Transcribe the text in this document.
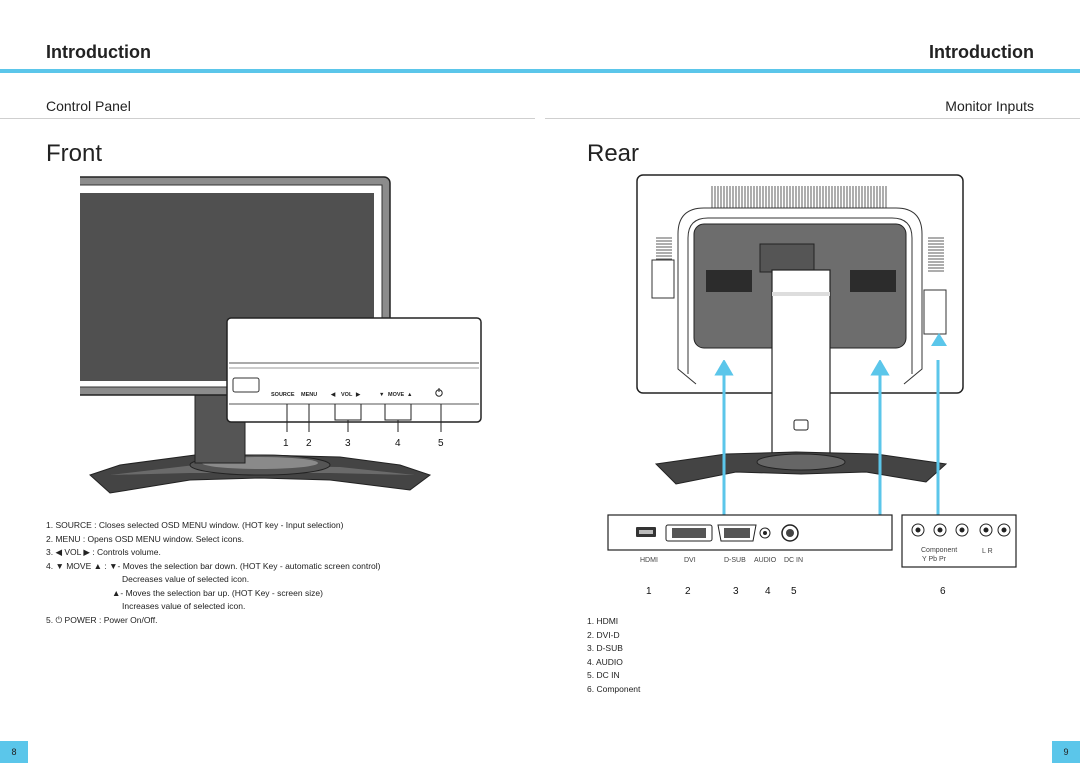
Introduction	Introduction
Control Panel	Monitor Inputs
Front	Rear
SOURCE MENU	◀ VOL ▶	▼ MOVE ▲
1 2	3	4	5
1. SOURCE : Closes selected OSD MENU window. (HOT key - Input selection)
2. MENU : Opens OSD MENU window. Select icons.
3. ◀ VOL ▶ : Controls volume.
4. ▼ MOVE ▲ : ▼- Moves the selection bar down. (HOT Key - automatic screen control)
Decreases value of selected icon.
▲- Moves the selection bar up. (HOT Key - screen size)
Increases value of selected icon.
5. ⏻ POWER : Power On/Off.
HDMI	DVI	D-SUB AUDIO DC IN
Component	L R
Y Pb Pr
1	2	3	4 5	6
1. HDMI
2. DVI-D
3. D-SUB
4. AUDIO
5. DC IN
6. Component
8	9
